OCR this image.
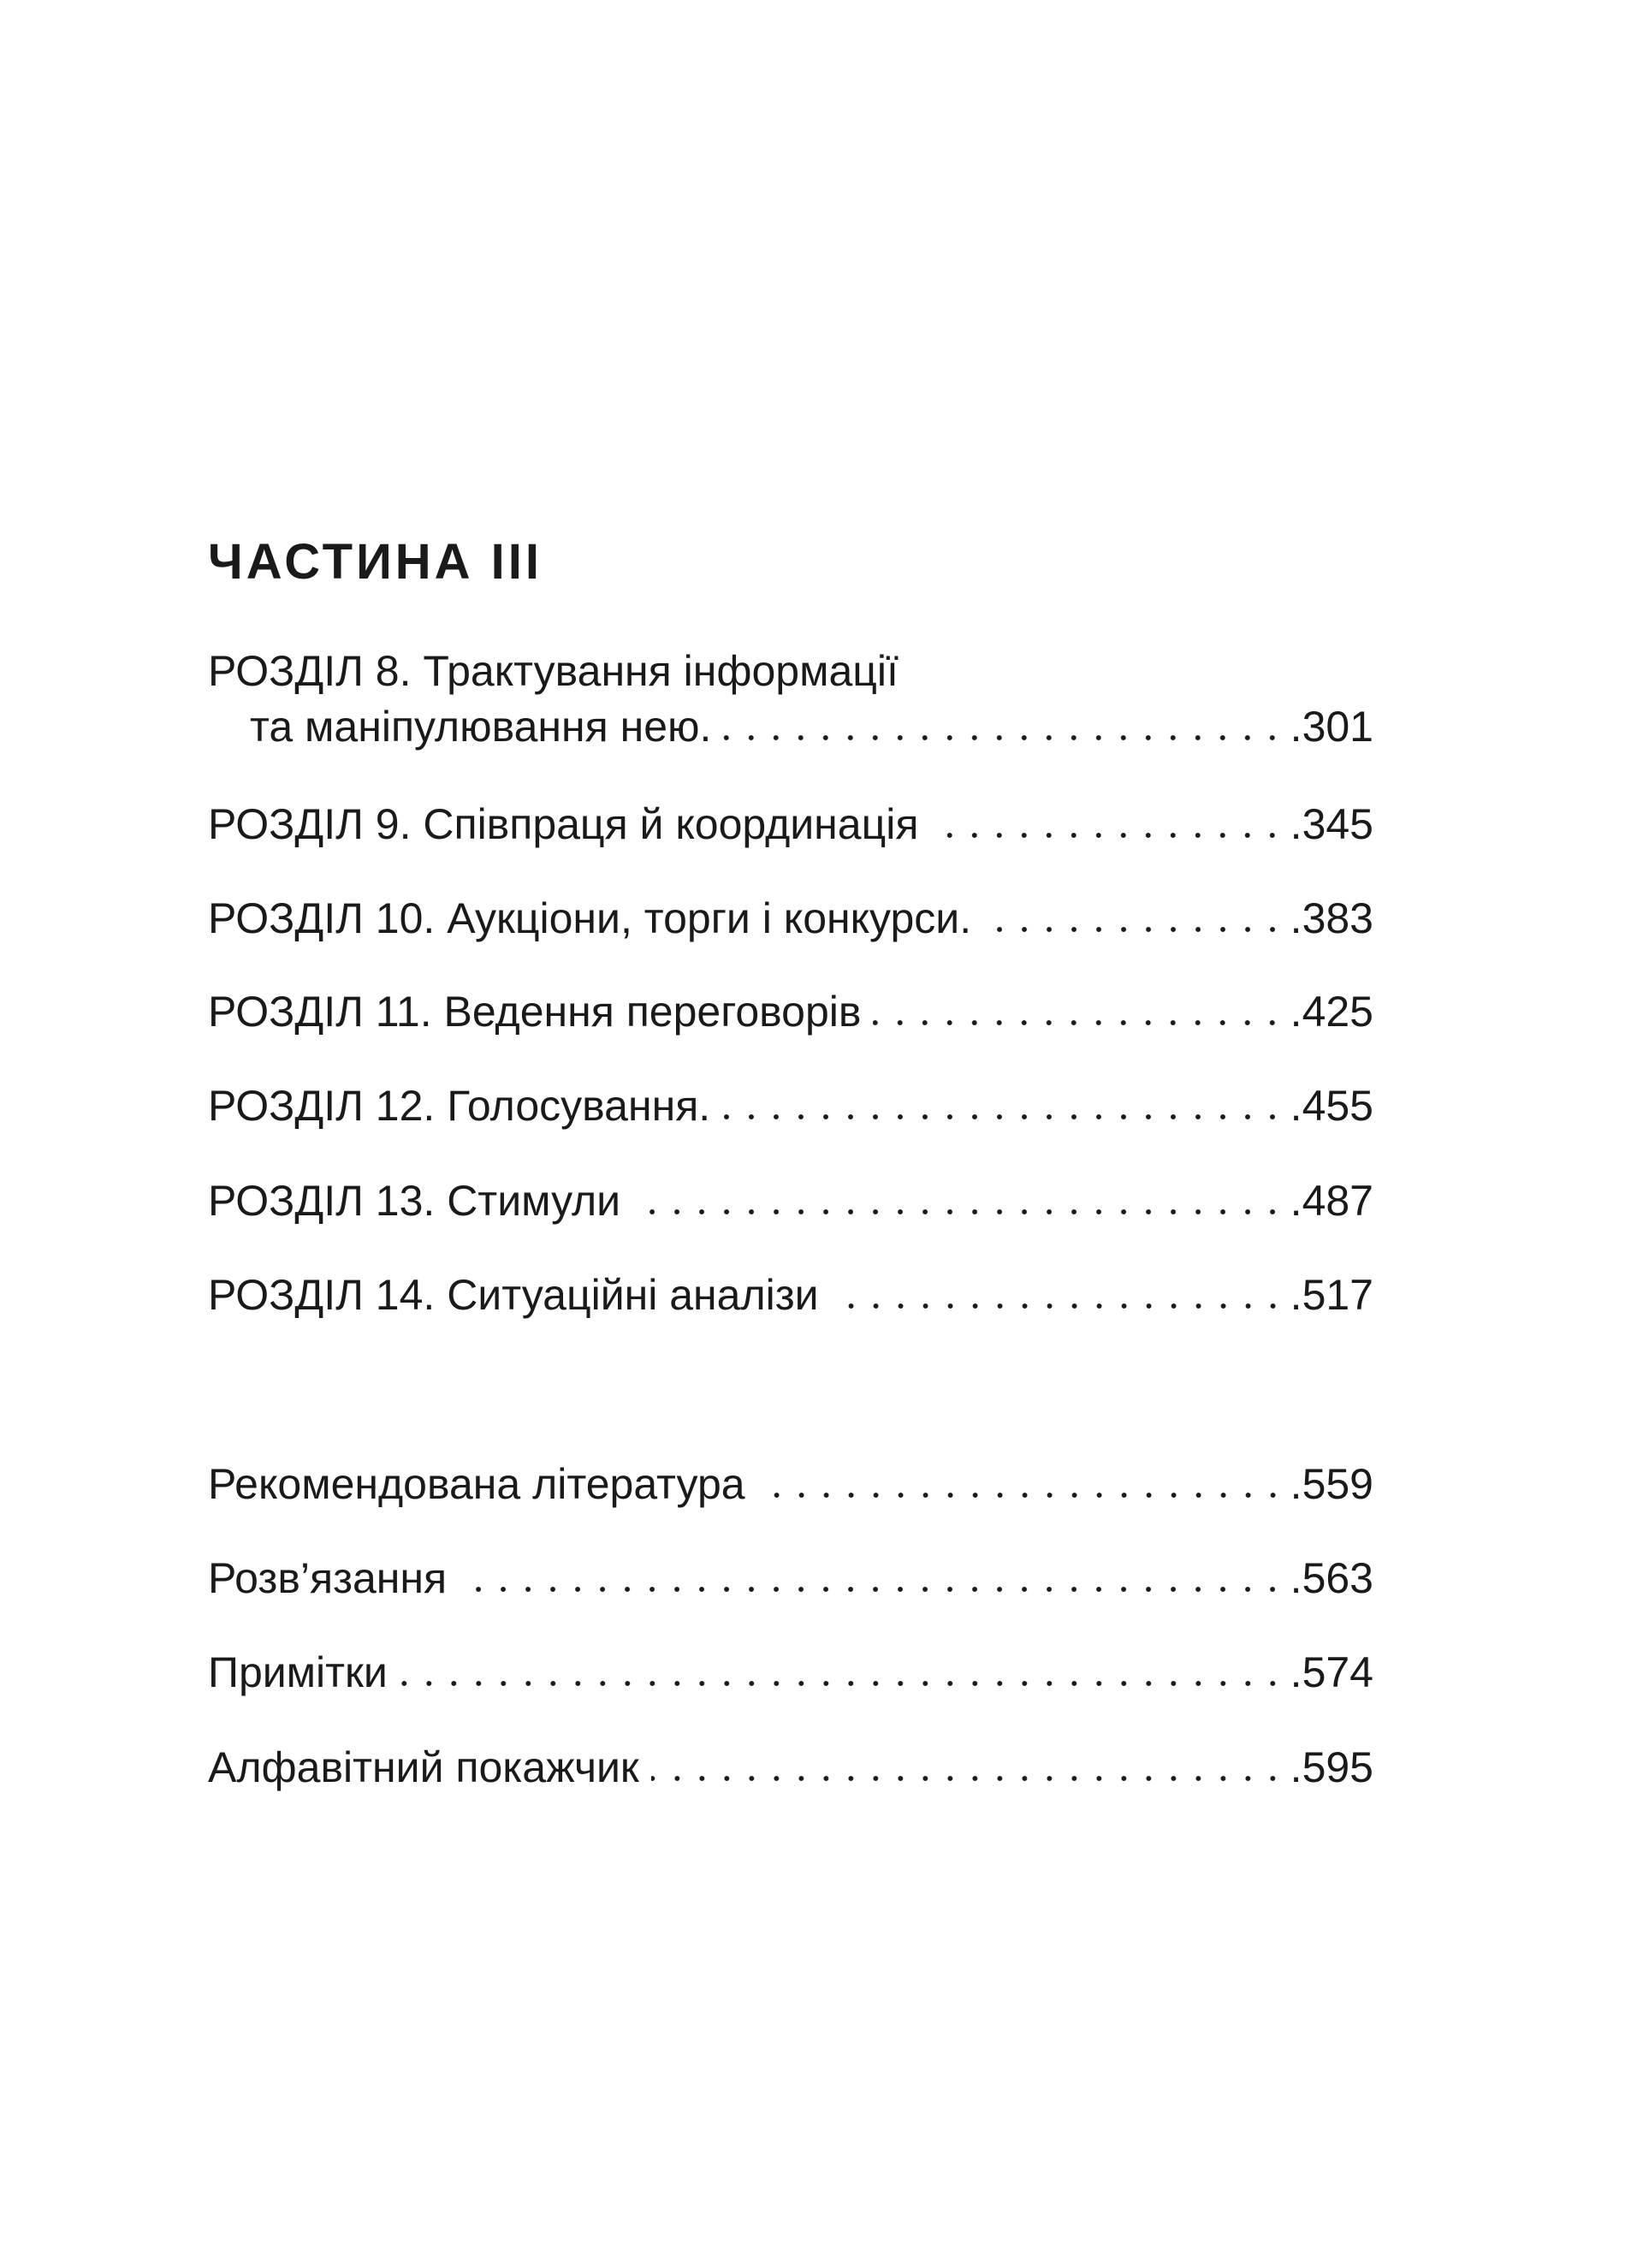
ЧАСТИНА III
РОЗДІЛ 8. Трактування інформації
та маніпулювання нею.	.301
РОЗДІЛ 9. Співпраця й координація	.345
РОЗДІЛ 10. Аукціони, торги і конкурси.	.383
РОЗДІЛ 11. Ведення переговорів	.425
РОЗДІЛ 12. Голосування.	.455
РОЗДІЛ 13. Стимули	.487
РОЗДІЛ 14. Ситуаційні аналізи	.517
Рекомендована література	.559
Розв’язання	.563
Примітки	.574
Алфавітний покажчик	.595
